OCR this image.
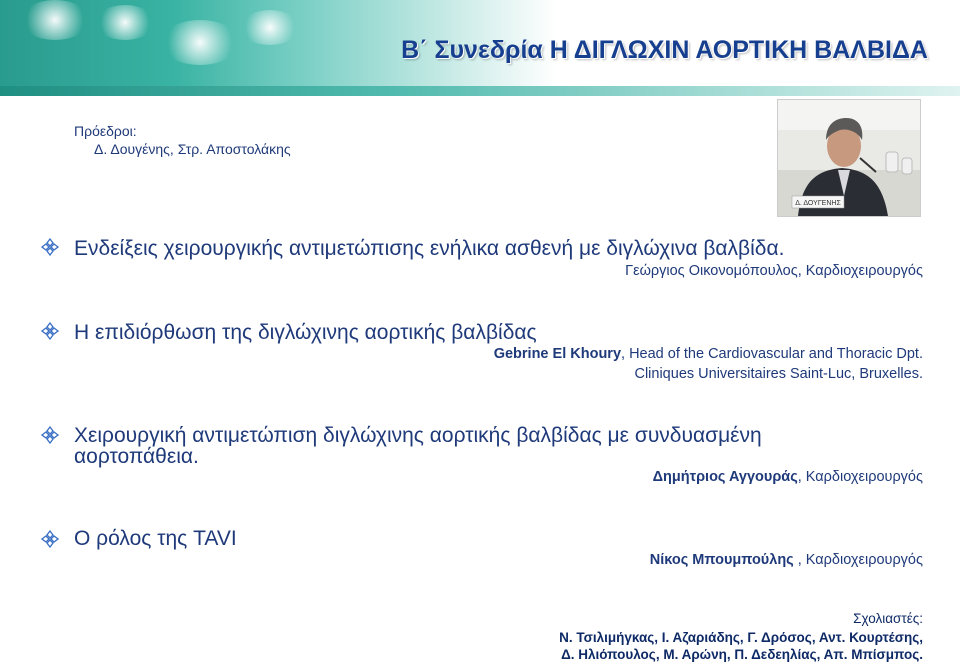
Β΄ Συνεδρία Η ΔΙΓΛΩΧΙΝ ΑΟΡΤΙΚΗ ΒΑΛΒΙΔΑ
Πρόεδροι:
Δ. Δουγένης, Στρ. Αποστολάκης
Δ. ΔΟΥΓΕΝΗΣ
Ενδείξεις χειρουργικής αντιμετώπισης ενήλικα ασθενή με διγλώχινα βαλβίδα.
Γεώργιος Οικονομόπουλος, Καρδιοχειρουργός
Η επιδιόρθωση της διγλώχινης αορτικής βαλβίδας
Gebrine El Khoury, Head of the Cardiovascular and Thoracic Dpt.
Cliniques Universitaires Saint-Luc, Bruxelles.
Χειρουργική αντιμετώπιση διγλώχινης αορτικής βαλβίδας με συνδυασμένη
αορτοπάθεια.
Δημήτριος Αγγουράς, Καρδιοχειρουργός
Ο ρόλος της TAVI
Νίκος Μπουμπούλης , Καρδιοχειρουργός
Σχολιαστές:
Ν. Τσιλιμήγκας, Ι. Αζαριάδης, Γ. Δρόσος, Αντ. Κουρτέσης,
Δ. Ηλιόπουλος, Μ. Αρώνη, Π. Δεδεηλίας, Απ. Μπίσμπος.
